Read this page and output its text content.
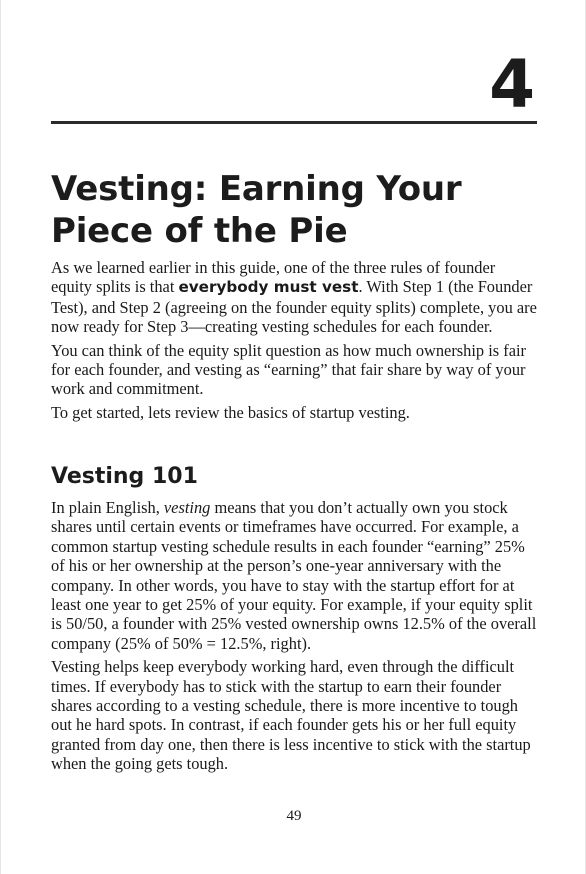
4
Vesting: Earning Your
Piece of the Pie

As we learned earlier in this guide, one of the three rules of founder equity splits is that everybody must vest. With Step 1 (the Founder Test), and Step 2 (agreeing on the founder equity splits) complete, you are now ready for Step 3—creating vesting schedules for each founder.

You can think of the equity split question as how much ownership is fair for each founder, and vesting as “earning” that fair share by way of your work and commitment.

To get started, lets review the basics of startup vesting.

Vesting 101

In plain English, vesting means that you don’t actually own you stock shares until certain events or timeframes have occurred. For example, a common startup vesting schedule results in each founder “earning” 25% of his or her ownership at the person’s one-year anniversary with the company. In other words, you have to stay with the startup effort for at least one year to get 25% of your equity. For example, if your equity split is 50/50, a founder with 25% vested ownership owns 12.5% of the overall company (25% of 50% = 12.5%, right).

Vesting helps keep everybody working hard, even through the difficult times. If everybody has to stick with the startup to earn their founder shares according to a vesting schedule, there is more incentive to tough out he hard spots. In contrast, if each founder gets his or her full equity granted from day one, then there is less incentive to stick with the startup when the going gets tough.

49
